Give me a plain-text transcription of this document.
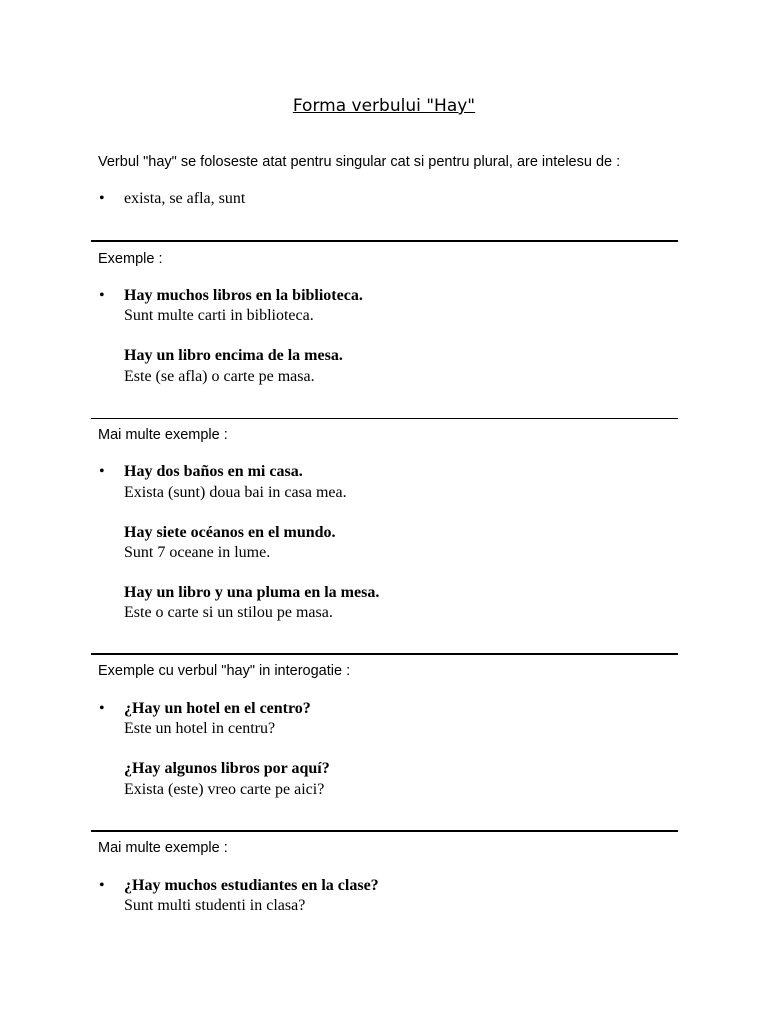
Forma verbului "Hay"
Verbul "hay" se foloseste atat pentru singular cat si pentru plural, are intelesu de :
• exista, se afla, sunt
Exemple :
• Hay muchos libros en la biblioteca.
Sunt multe carti in biblioteca.
Hay un libro encima de la mesa.
Este (se afla) o carte pe masa.
Mai multe exemple :
• Hay dos baños en mi casa.
Exista (sunt) doua bai in casa mea.
Hay siete océanos en el mundo.
Sunt 7 oceane in lume.
Hay un libro y una pluma en la mesa.
Este o carte si un stilou pe masa.
Exemple cu verbul "hay" in interogatie :
• ¿Hay un hotel en el centro?
Este un hotel in centru?
¿Hay algunos libros por aquí?
Exista (este) vreo carte pe aici?
Mai multe exemple :
• ¿Hay muchos estudiantes en la clase?
Sunt multi studenti in clasa?
